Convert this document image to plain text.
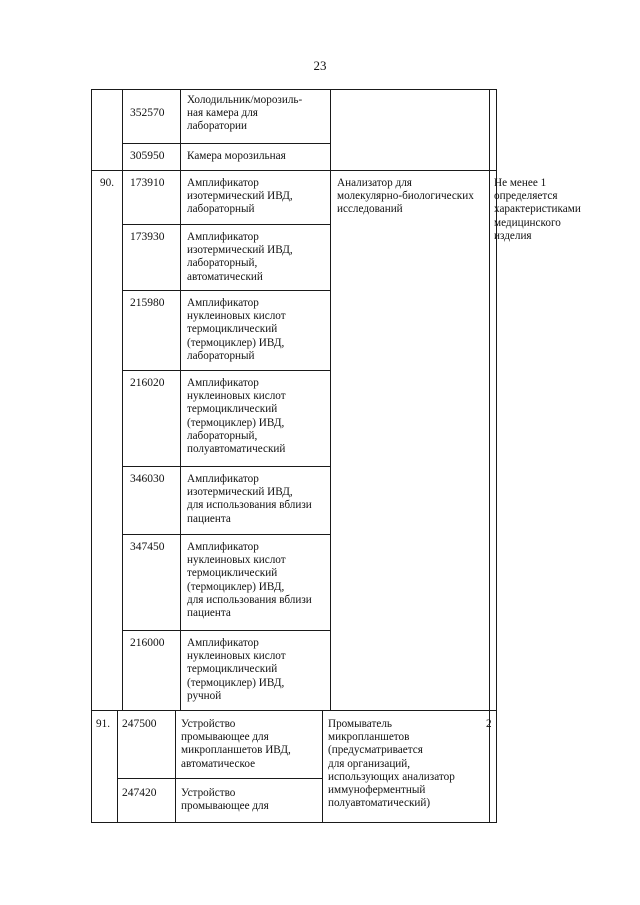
23
352570
Холодильник/морозиль-
ная камера для
лаборатории
305950 Камера морозильная
90.	Анализатор для
молекулярно-биологических
исследований
Не менее 1
определяется
характеристиками
медицинского
изделия
173910 Амплификатор
изотермический ИВД,
лабораторный
173930 Амплификатор
изотермический ИВД,
лабораторный,
автоматический
215980 Амплификатор
нуклеиновых кислот
термоциклический
(термоциклер) ИВД,
лабораторный
216020 Амплификатор
нуклеиновых кислот
термоциклический
(термоциклер) ИВД,
лабораторный,
полуавтоматический
346030 Амплификатор
изотермический ИВД,
для использования вблизи
пациента
347450 Амплификатор
нуклеиновых кислот
термоциклический
(термоциклер) ИВД,
для использования вблизи
пациента
216000 Амплификатор
нуклеиновых кислот
термоциклический
(термоциклер) ИВД,
ручной
91.	Промыватель
микропланшетов
(предусматривается
для организаций,
использующих анализатор
иммуноферментный
полуавтоматический)
2
247500 Устройство
промывающее для
микропланшетов ИВД,
автоматическое
247420 Устройство
промывающее для
